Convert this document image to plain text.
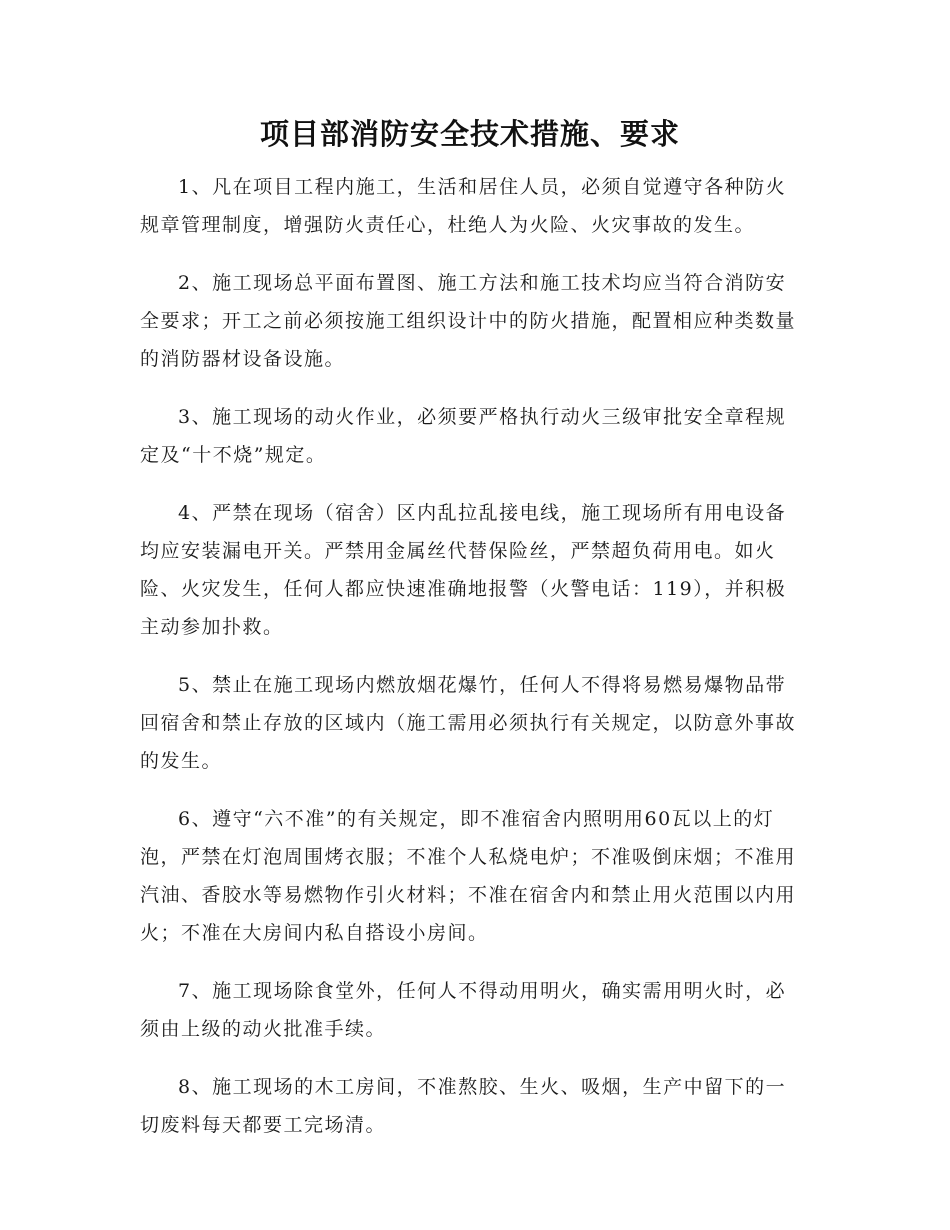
项目部消防安全技术措施、要求

1、凡在项目工程内施工，生活和居住人员，必须自觉遵守各种防火规章管理制度，增强防火责任心，杜绝人为火险、火灾事故的发生。

2、施工现场总平面布置图、施工方法和施工技术均应当符合消防安全要求；开工之前必须按施工组织设计中的防火措施，配置相应种类数量的消防器材设备设施。

3、施工现场的动火作业，必须要严格执行动火三级审批安全章程规定及“十不烧”规定。

4、严禁在现场（宿舍）区内乱拉乱接电线，施工现场所有用电设备均应安装漏电开关。严禁用金属丝代替保险丝，严禁超负荷用电。如火险、火灾发生，任何人都应快速准确地报警（火警电话：119），并积极主动参加扑救。

5、禁止在施工现场内燃放烟花爆竹，任何人不得将易燃易爆物品带回宿舍和禁止存放的区域内（施工需用必须执行有关规定，以防意外事故的发生。

6、遵守“六不准”的有关规定，即不准宿舍内照明用60瓦以上的灯泡，严禁在灯泡周围烤衣服；不准个人私烧电炉；不准吸倒床烟；不准用汽油、香胶水等易燃物作引火材料；不准在宿舍内和禁止用火范围以内用火；不准在大房间内私自搭设小房间。

7、施工现场除食堂外，任何人不得动用明火，确实需用明火时，必须由上级的动火批准手续。

8、施工现场的木工房间，不准熬胶、生火、吸烟，生产中留下的一切废料每天都要工完场清。
